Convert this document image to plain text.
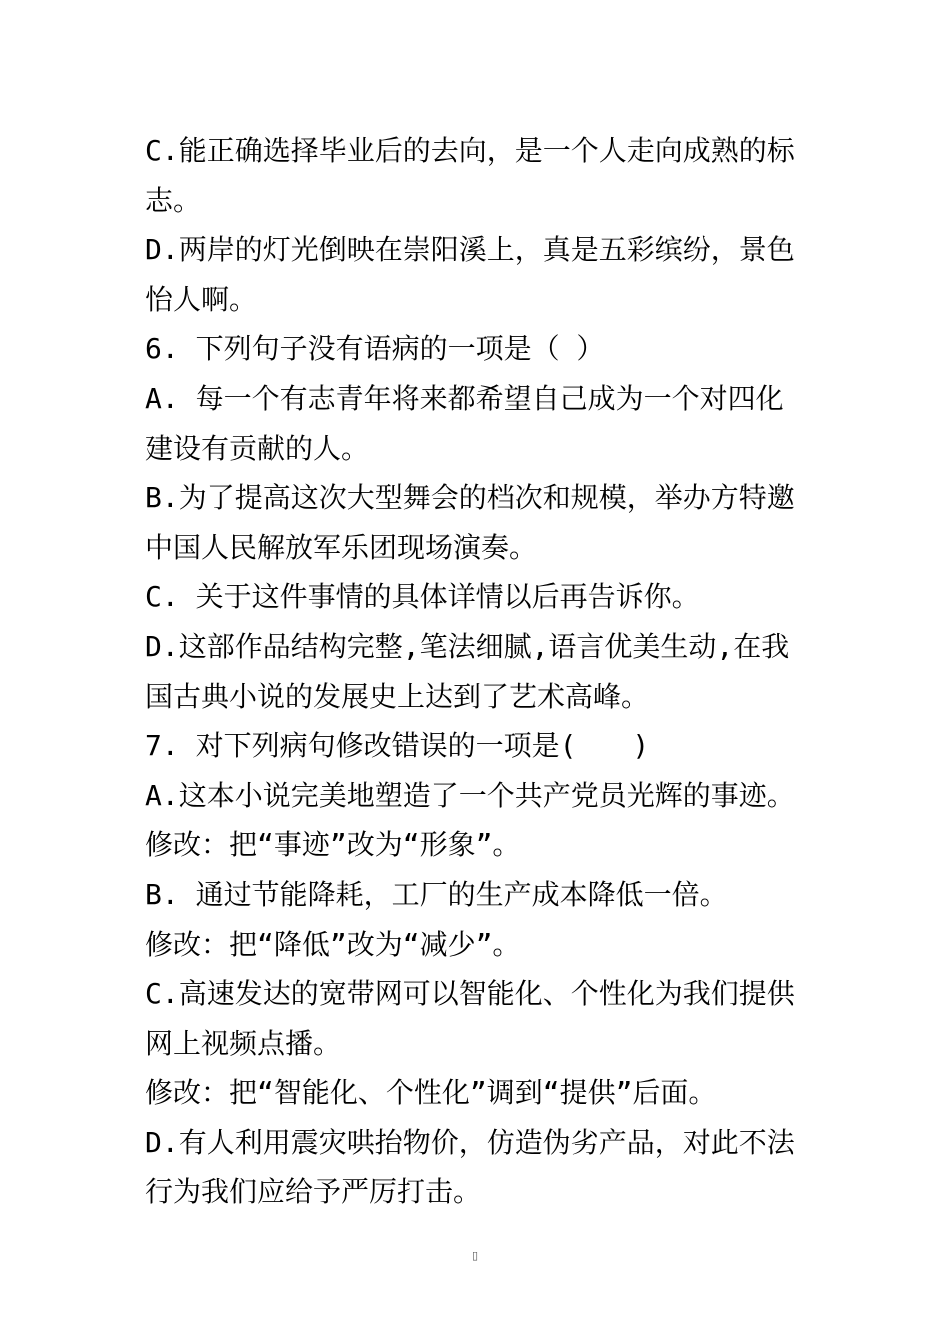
C.能正确选择毕业后的去向，是一个人走向成熟的标
志。
D.两岸的灯光倒映在崇阳溪上，真是五彩缤纷，景色
怡人啊。
6. 下列句子没有语病的一项是（ ）
A. 每一个有志青年将来都希望自己成为一个对四化
建设有贡献的人。
B.为了提高这次大型舞会的档次和规模，举办方特邀
中国人民解放军乐团现场演奏。
C. 关于这件事情的具体详情以后再告诉你。
D.这部作品结构完整,笔法细腻,语言优美生动,在我
国古典小说的发展史上达到了艺术高峰。
7. 对下列病句修改错误的一项是(　　)
A.这本小说完美地塑造了一个共产党员光辉的事迹。
修改：把“事迹”改为“形象”。
B. 通过节能降耗，工厂的生产成本降低一倍。
修改：把“降低”改为“减少”。
C.高速发达的宽带网可以智能化、个性化为我们提供
网上视频点播。
修改：把“智能化、个性化”调到“提供”后面。
D.有人利用震灾哄抬物价，仿造伪劣产品，对此不法
行为我们应给予严厉打击。
▯
